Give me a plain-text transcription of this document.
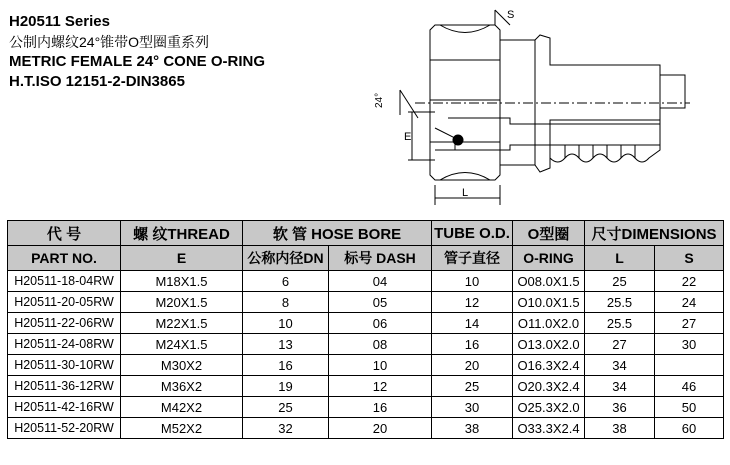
H20511 Series
公制内螺纹24°锥带O型圈重系列
METRIC FEMALE 24° CONE O-RING
H.T.ISO 12151-2-DIN3865
S
24°
E
L
代 号	螺 纹THREAD	软 管 HOSE BORE		TUBE O.D.	O型圈	尺寸DIMENSIONS	
PART NO.	E	公称内径DN	标号 DASH	管子直径	O-RING	L	S
H20511-18-04RW	M18X1.5	6	04	10	O08.0X1.5	25	22
H20511-20-05RW	M20X1.5	8	05	12	O10.0X1.5	25.5	24
H20511-22-06RW	M22X1.5	10	06	14	O11.0X2.0	25.5	27
H20511-24-08RW	M24X1.5	13	08	16	O13.0X2.0	27	30
H20511-30-10RW	M30X2	16	10	20	O16.3X2.4	34	
H20511-36-12RW	M36X2	19	12	25	O20.3X2.4	34	46
H20511-42-16RW	M42X2	25	16	30	O25.3X2.0	36	50
H20511-52-20RW	M52X2	32	20	38	O33.3X2.4	38	60
